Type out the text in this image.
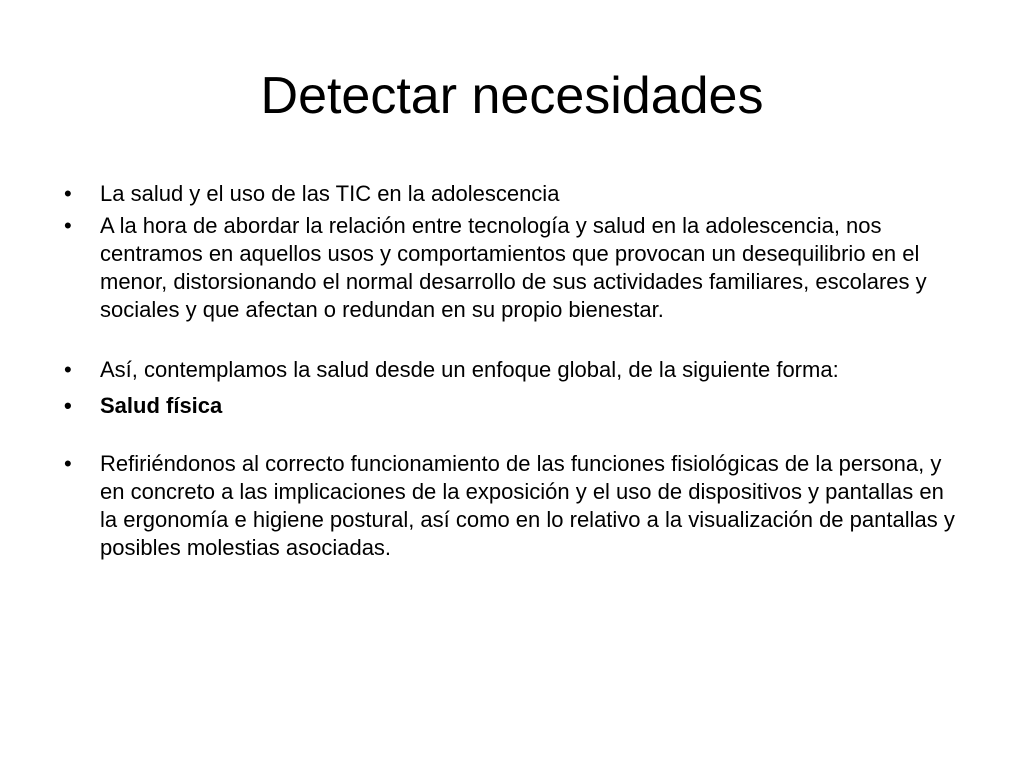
Detectar necesidades
•	La salud y el uso de las TIC en la adolescencia
•	A la hora de abordar la relación entre tecnología y salud en la adolescencia, nos centramos en aquellos usos y comportamientos que provocan un desequilibrio en el menor, distorsionando el normal desarrollo de sus actividades familiares, escolares y sociales y que afectan o redundan en su propio bienestar.
•	Así, contemplamos la salud desde un enfoque global, de la siguiente forma:
•	Salud física
•	Refiriéndonos al correcto funcionamiento de las funciones fisiológicas de la persona, y en concreto a las implicaciones de la exposición y el uso de dispositivos y pantallas en la ergonomía e higiene postural, así como en lo relativo a la visualización de pantallas y posibles molestias asociadas.
